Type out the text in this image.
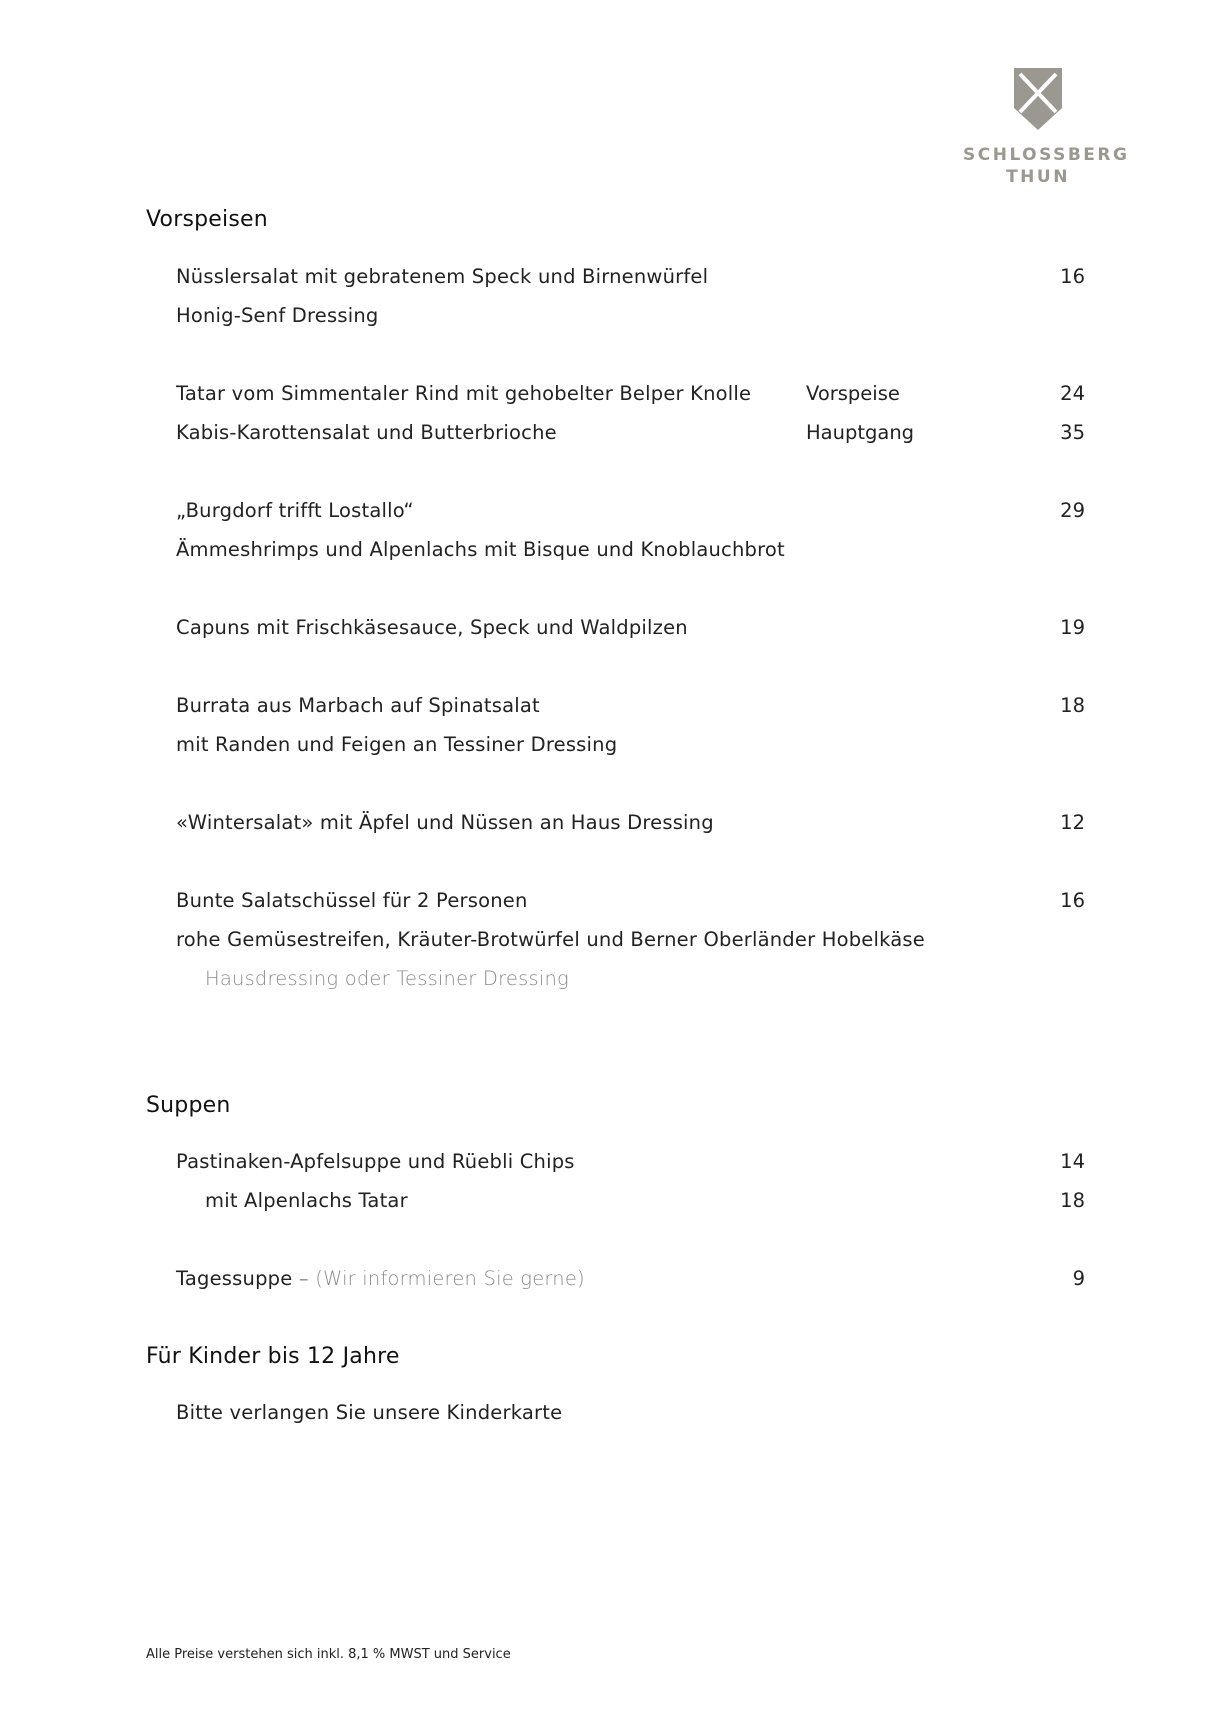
SCHLOSSBERG
THUN
Vorspeisen
Nüsslersalat mit gebratenem Speck und Birnenwürfel	16
Honig-Senf Dressing
Tatar vom Simmentaler Rind mit gehobelter Belper Knolle	Vorspeise	24
Kabis-Karottensalat und Butterbrioche	Hauptgang	35
„Burgdorf trifft Lostallo“	29
Ämmeshrimps und Alpenlachs mit Bisque und Knoblauchbrot
Capuns mit Frischkäsesauce, Speck und Waldpilzen	19
Burrata aus Marbach auf Spinatsalat	18
mit Randen und Feigen an Tessiner Dressing
«Wintersalat» mit Äpfel und Nüssen an Haus Dressing	12
Bunte Salatschüssel für 2 Personen	16
rohe Gemüsestreifen, Kräuter-Brotwürfel und Berner Oberländer Hobelkäse
Hausdressing oder Tessiner Dressing
Suppen
Pastinaken-Apfelsuppe und Rüebli Chips	14
mit Alpenlachs Tatar	18
Tagessuppe – (Wir informieren Sie gerne)	9
Für Kinder bis 12 Jahre
Bitte verlangen Sie unsere Kinderkarte
Alle Preise verstehen sich inkl. 8,1 % MWST und Service
